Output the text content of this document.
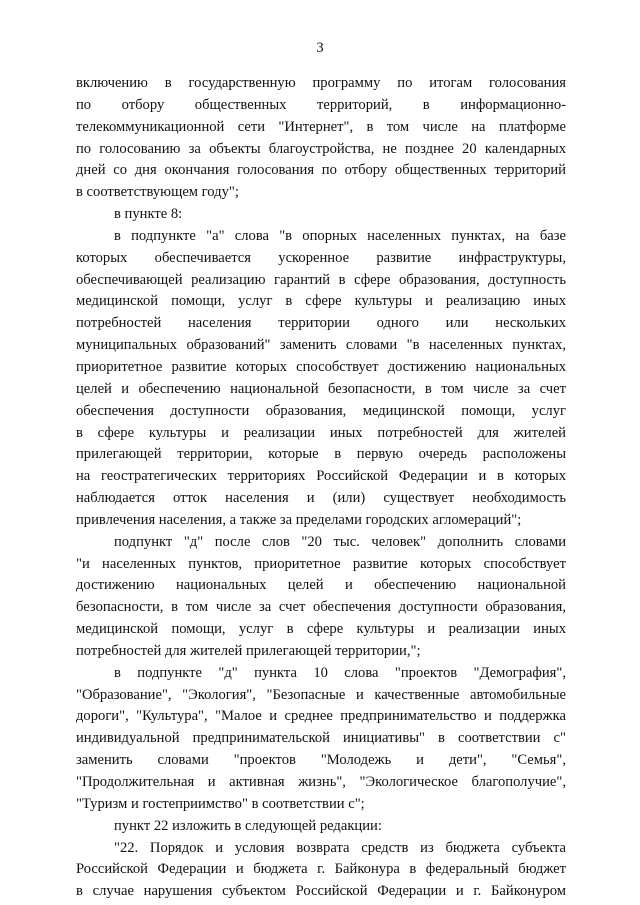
3
включению в государственную программу по итогам голосования
по отбору общественных территорий, в информационно-
телекоммуникационной сети "Интернет", в том числе на платформе
по голосованию за объекты благоустройства, не позднее 20 календарных
дней со дня окончания голосования по отбору общественных территорий
в соответствующем году";
в пункте 8:
в подпункте "а" слова "в опорных населенных пунктах, на базе
которых обеспечивается ускоренное развитие инфраструктуры,
обеспечивающей реализацию гарантий в сфере образования, доступность
медицинской помощи, услуг в сфере культуры и реализацию иных
потребностей населения территории одного или нескольких
муниципальных образований" заменить словами "в населенных пунктах,
приоритетное развитие которых способствует достижению национальных
целей и обеспечению национальной безопасности, в том числе за счет
обеспечения доступности образования, медицинской помощи, услуг
в сфере культуры и реализации иных потребностей для жителей
прилегающей территории, которые в первую очередь расположены
на геостратегических территориях Российской Федерации и в которых
наблюдается отток населения и (или) существует необходимость
привлечения населения, а также за пределами городских агломераций";
подпункт "д" после слов "20 тыс. человек" дополнить словами
"и населенных пунктов, приоритетное развитие которых способствует
достижению национальных целей и обеспечению национальной
безопасности, в том числе за счет обеспечения доступности образования,
медицинской помощи, услуг в сфере культуры и реализации иных
потребностей для жителей прилегающей территории,";
в подпункте "д" пункта 10 слова "проектов "Демография",
"Образование", "Экология", "Безопасные и качественные автомобильные
дороги", "Культура", "Малое и среднее предпринимательство и поддержка
индивидуальной предпринимательской инициативы" в соответствии с"
заменить словами "проектов "Молодежь и дети", "Семья",
"Продолжительная и активная жизнь", "Экологическое благополучие",
"Туризм и гостеприимство" в соответствии с";
пункт 22 изложить в следующей редакции:
"22. Порядок и условия возврата средств из бюджета субъекта
Российской Федерации и бюджета г. Байконура в федеральный бюджет
в случае нарушения субъектом Российской Федерации и г. Байконуром
